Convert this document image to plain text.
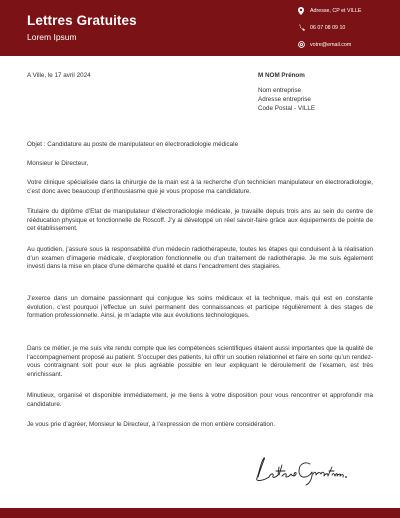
Lettres Gratuites
Lorem Ipsum
Adresse, CP et VILLE
06 07 08 09 10
votre@email.com
A Ville, le 17 avril 2024	M NOM Prénom
Nom entreprise
Adresse entreprise
Code Postal - VILLE
Objet : Candidature au poste de manipulateur en électroradiologie médicale
Monsieur le Directeur,
Votre clinique spécialisée dans la chirurgie de la main est à la recherche d’un technicien manipulateur en électroradiologie, c’est donc avec beaucoup d’enthousiasme que je vous propose ma candidature.
Titulaire du diplôme d’Etat de manipulateur d’électroradiologie médicale, je travaille depuis trois ans au sein du centre de rééducation physique et fonctionnelle de Roscoff. J’y ai développé un réel savoir-faire grâce aux équipements de pointe de cet établissement.
Au quotidien, j’assure sous la responsabilité d’un médecin radiothérapeute, toutes les étapes qui conduisent à la réalisation d’un examen d’imagerie médicale, d’exploration fonctionnelle ou d’un traitement de radiothérapie. Je me suis également investi dans la mise en place d’une démarche qualité et dans l’encadrement des stagiaires.
J’exerce dans un domaine passionnant qui conjugue les soins médicaux et la technique, mais qui est en constante évolution, c’est pourquoi j’effectue un suivi permanent des connaissances et participe régulièrement à des stages de formation professionnelle. Ainsi, je m’adapte vite aux évolutions technologiques.
Dans ce métier, je me suis vite rendu compte que les compétences scientifiques étaient aussi importantes que la qualité de l’accompagnement proposé au patient. S’occuper des patients, lui offrir un soutien relationnel et faire en sorte qu’un rendez-vous contraignant soit pour eux le plus agréable possible en leur expliquant le déroulement de l’examen, est très enrichissant.
Minutieux, organisé et disponible immédiatement, je me tiens à votre disposition pour vous rencontrer et approfondir ma candidature.
Je vous prie d’agréer, Monsieur le Directeur, à l’expression de mon entière considération.
